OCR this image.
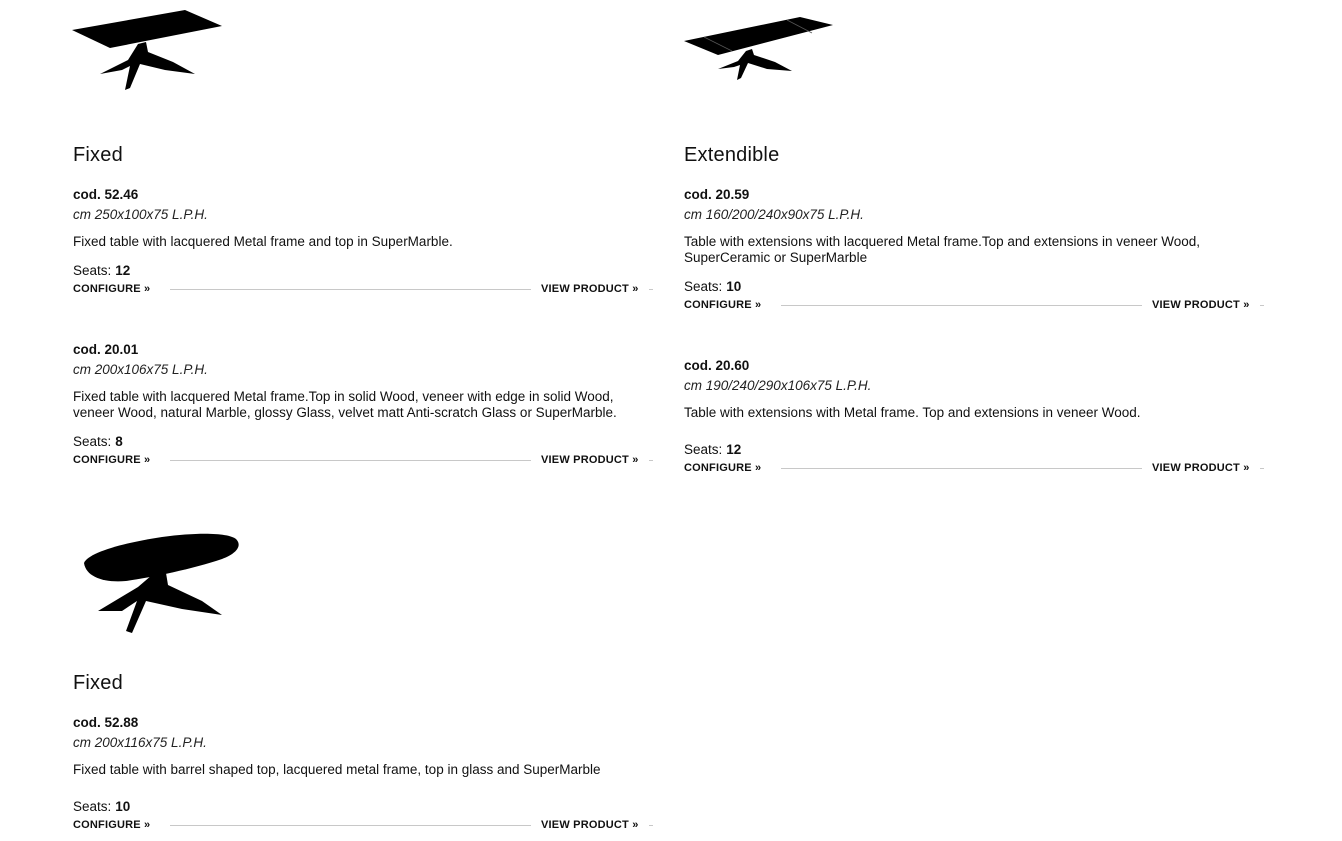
Fixed
cod. 52.46
cm 250x100x75 L.P.H.
Fixed table with lacquered Metal frame and top in SuperMarble.
Seats: 12
CONFIGURE »	VIEW PRODUCT »
cod. 20.01
cm 200x106x75 L.P.H.
Fixed table with lacquered Metal frame.Top in solid Wood, veneer with edge in solid Wood, veneer Wood, natural Marble, glossy Glass, velvet matt Anti-scratch Glass or SuperMarble.
Seats: 8
CONFIGURE »	VIEW PRODUCT »
Extendible
cod. 20.59
cm 160/200/240x90x75 L.P.H.
Table with extensions with lacquered Metal frame.Top and extensions in veneer Wood, SuperCeramic or SuperMarble
Seats: 10
CONFIGURE »	VIEW PRODUCT »
cod. 20.60
cm 190/240/290x106x75 L.P.H.
Table with extensions with Metal frame. Top and extensions in veneer Wood.
Seats: 12
CONFIGURE »	VIEW PRODUCT »
Fixed
cod. 52.88
cm 200x116x75 L.P.H.
Fixed table with barrel shaped top, lacquered metal frame, top in glass and SuperMarble
Seats: 10
CONFIGURE »	VIEW PRODUCT »
